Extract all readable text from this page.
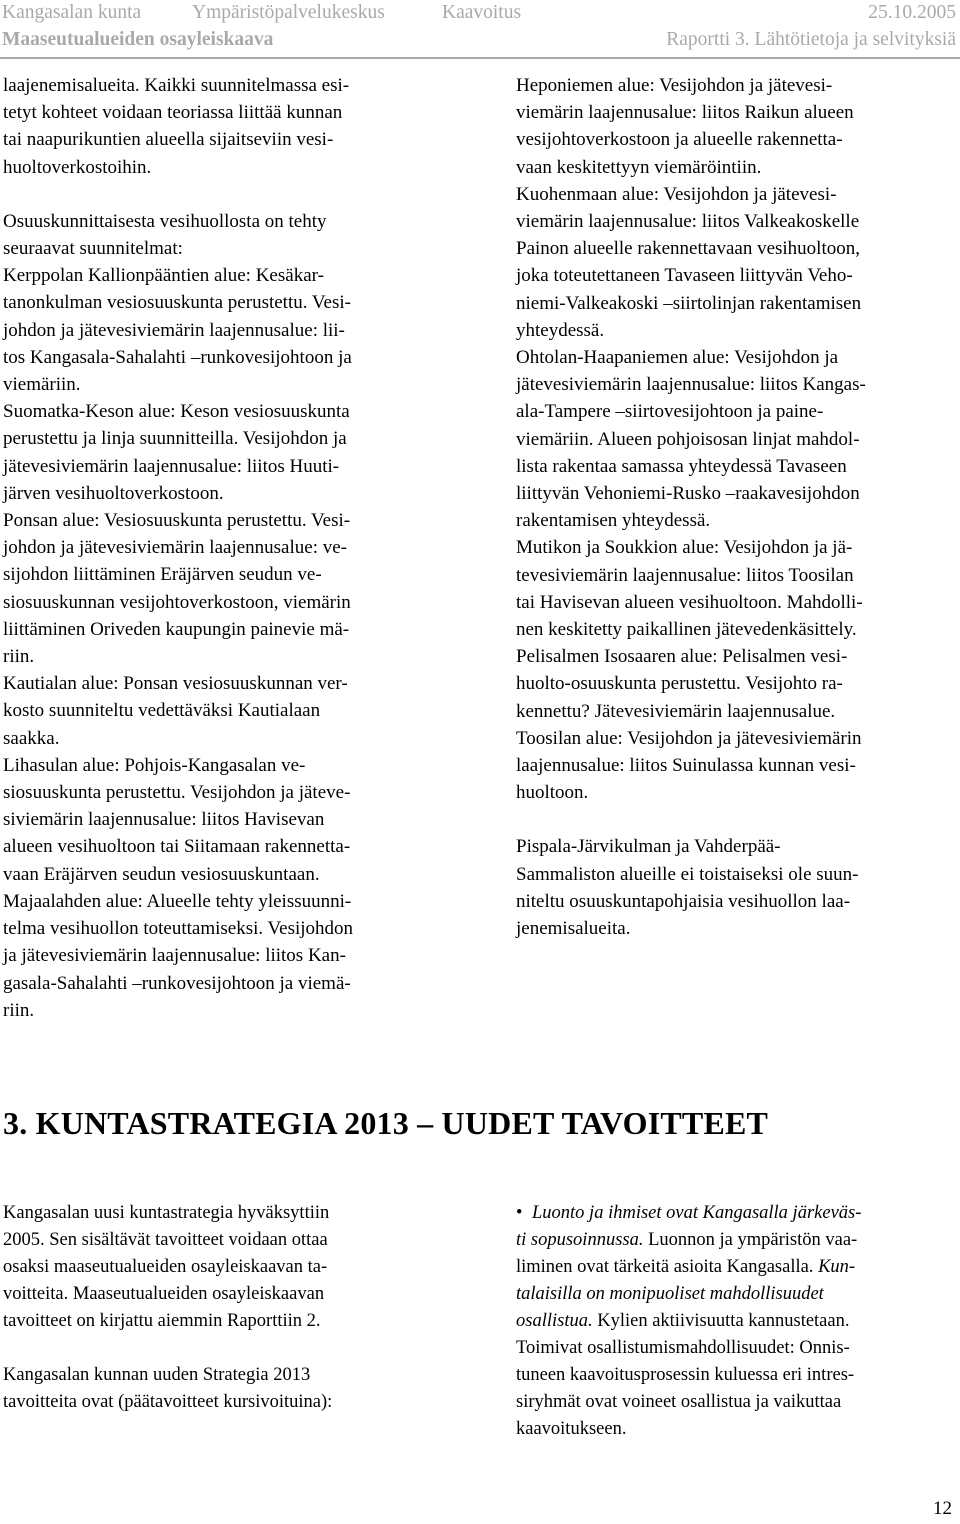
Kangasalan kunta	Ympäristöpalvelukeskus	Kaavoitus	25.10.2005
Maaseutualueiden osayleiskaava	Raportti 3. Lähtötietoja ja selvityksiä

laajenemisalueita. Kaikki suunnitelmassa esi-
tetyt kohteet voidaan teoriassa liittää kunnan
tai naapurikuntien alueella sijaitseviin vesi-
huoltoverkostoihin.

Osuuskunnittaisesta vesihuollosta on tehty
seuraavat suunnitelmat:

Kerppolan Kallionpääntien alue: Kesäkar-
tanonkulman vesiosuuskunta perustettu. Vesi-
johdon ja jätevesiviemärin laajennusalue: lii-
tos Kangasala-Sahalahti –runkovesijohtoon ja
viemäriin.

Suomatka-Keson alue: Keson vesiosuuskunta
perustettu ja linja suunnitteilla. Vesijohdon ja
jätevesiviemärin laajennusalue: liitos Huuti-
järven vesihuoltoverkostoon.

Ponsan alue: Vesiosuuskunta perustettu. Vesi-
johdon ja jätevesiviemärin laajennusalue: ve-
sijohdon liittäminen Eräjärven seudun ve-
siosuuskunnan vesijohtoverkostoon, viemärin
liittäminen Oriveden kaupungin painevie mä-
riin.

Kautialan alue: Ponsan vesiosuuskunnan ver-
kosto suunniteltu vedettäväksi Kautialaan
saakka.

Lihasulan alue: Pohjois-Kangasalan ve-
siosuuskunta perustettu. Vesijohdon ja jäteve-
siviemärin laajennusalue: liitos Havisevan
alueen vesihuoltoon tai Siitamaan rakennetta-
vaan Eräjärven seudun vesiosuuskuntaan.

Majaalahden alue: Alueelle tehty yleissuunni-
telma vesihuollon toteuttamiseksi. Vesijohdon
ja jätevesiviemärin laajennusalue: liitos Kan-
gasala-Sahalahti –runkovesijohtoon ja viemä-
riin.

Heponiemen alue: Vesijohdon ja jätevesi-
viemärin laajennusalue: liitos Raikun alueen
vesijohtoverkostoon ja alueelle rakennetta-
vaan keskitettyyn viemäröintiin.

Kuohenmaan alue: Vesijohdon ja jätevesi-
viemärin laajennusalue: liitos Valkeakoskelle
Painon alueelle rakennettavaan vesihuoltoon,
joka toteutettaneen Tavaseen liittyvän Veho-
niemi-Valkeakoski –siirtolinjan rakentamisen
yhteydessä.

Ohtolan-Haapaniemen alue: Vesijohdon ja
jätevesiviemärin laajennusalue: liitos Kangas-
ala-Tampere –siirtovesijohtoon ja paine-
viemäriin. Alueen pohjoisosan linjat mahdol-
lista rakentaa samassa yhteydessä Tavaseen
liittyvän Vehoniemi-Rusko –raakavesijohdon
rakentamisen yhteydessä.

Mutikon ja Soukkion alue: Vesijohdon ja jä-
tevesiviemärin laajennusalue: liitos Toosilan
tai Havisevan alueen vesihuoltoon. Mahdolli-
nen keskitetty paikallinen jätevedenkäsittely.

Pelisalmen Isosaaren alue: Pelisalmen vesi-
huolto-osuuskunta perustettu. Vesijohto ra-
kennettu? Jätevesiviemärin laajennusalue.

Toosilan alue: Vesijohdon ja jätevesiviemärin
laajennusalue: liitos Suinulassa kunnan vesi-
huoltoon.

Pispala-Järvikulman ja Vahderpää-
Sammaliston alueille ei toistaiseksi ole suun-
niteltu osuuskuntapohjaisia vesihuollon laa-
jenemisalueita.

3. KUNTASTRATEGIA 2013 – UUDET TAVOITTEET

Kangasalan uusi kuntastrategia hyväksyttiin
2005. Sen sisältävät tavoitteet voidaan ottaa
osaksi maaseutualueiden osayleiskaavan ta-
voitteita. Maaseutualueiden osayleiskaavan
tavoitteet on kirjattu aiemmin Raporttiin 2.

Kangasalan kunnan uuden Strategia 2013
tavoitteita ovat (päätavoitteet kursivoituina):

• Luonto ja ihmiset ovat Kangasalla järkeväs-
ti sopusoinnussa. Luonnon ja ympäristön vaa-
liminen ovat tärkeitä asioita Kangasalla. Kun-
talaisilla on monipuoliset mahdollisuudet
osallistua. Kylien aktiivisuutta kannustetaan.
Toimivat osallistumismahdollisuudet: Onnis-
tuneen kaavoitusprosessin kuluessa eri intres-
siryhmät ovat voineet osallistua ja vaikuttaa
kaavoitukseen.

12
